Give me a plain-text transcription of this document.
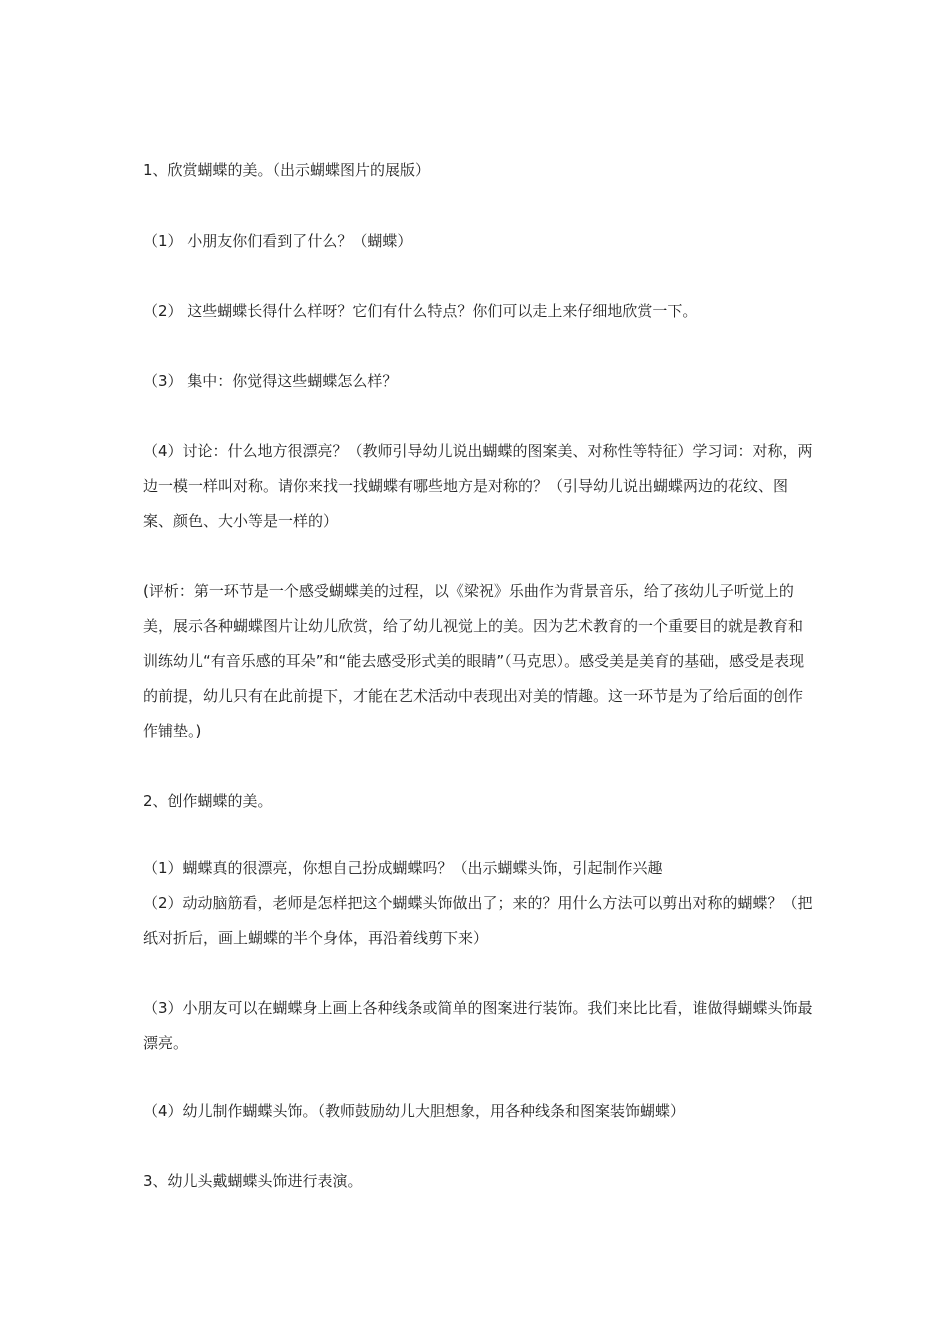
1、欣赏蝴蝶的美。（出示蝴蝶图片的展版）

（1） 小朋友你们看到了什么？（蝴蝶）

（2） 这些蝴蝶长得什么样呀？它们有什么特点？你们可以走上来仔细地欣赏一下。

（3） 集中：你觉得这些蝴蝶怎么样？

（4）讨论：什么地方很漂亮？（教师引导幼儿说出蝴蝶的图案美、对称性等特征）学习词：对称，两边一模一样叫对称。请你来找一找蝴蝶有哪些地方是对称的？（引导幼儿说出蝴蝶两边的花纹、图案、颜色、大小等是一样的）

(评析：第一环节是一个感受蝴蝶美的过程，以《梁祝》乐曲作为背景音乐，给了孩幼儿子听觉上的美，展示各种蝴蝶图片让幼儿欣赏，给了幼儿视觉上的美。因为艺术教育的一个重要目的就是教育和训练幼儿“有音乐感的耳朵”和“能去感受形式美的眼睛”（马克思）。感受美是美育的基础，感受是表现的前提，幼儿只有在此前提下，才能在艺术活动中表现出对美的情趣。这一环节是为了给后面的创作作铺垫。)

2、创作蝴蝶的美。

（1）蝴蝶真的很漂亮，你想自己扮成蝴蝶吗？（出示蝴蝶头饰，引起制作兴趣

（2）动动脑筋看，老师是怎样把这个蝴蝶头饰做出了；来的？用什么方法可以剪出对称的蝴蝶？（把纸对折后，画上蝴蝶的半个身体，再沿着线剪下来）

（3）小朋友可以在蝴蝶身上画上各种线条或简单的图案进行装饰。我们来比比看，谁做得蝴蝶头饰最漂亮。

（4）幼儿制作蝴蝶头饰。（教师鼓励幼儿大胆想象，用各种线条和图案装饰蝴蝶）

3、幼儿头戴蝴蝶头饰进行表演。
